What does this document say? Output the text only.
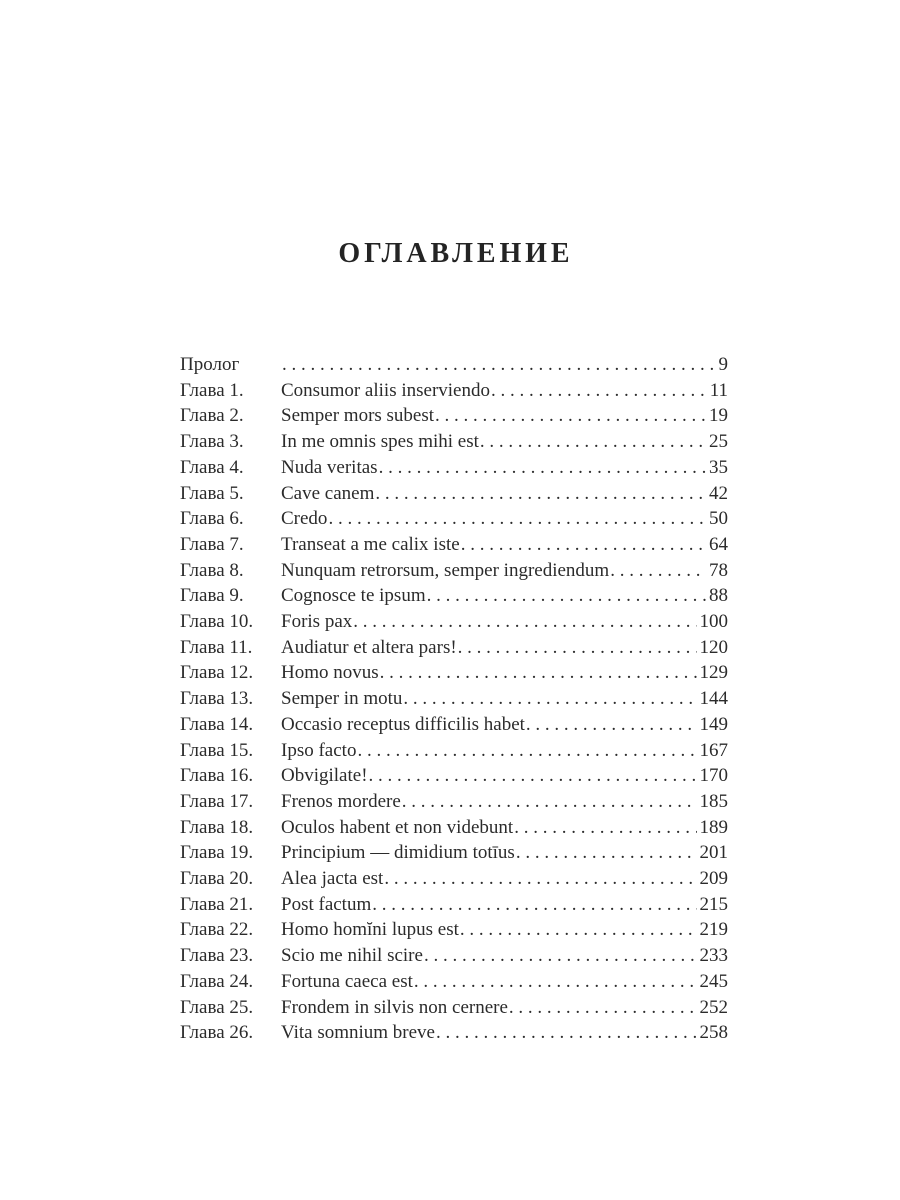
ОГЛАВЛЕНИЕ
Пролог .....	9
Глава 1.	Consumor aliis inserviendo .....	11
Глава 2.	Semper mors subest .....	19
Глава 3.	In me omnis spes mihi est .....	25
Глава 4.	Nuda veritas .....	35
Глава 5.	Cave canem .....	42
Глава 6.	Credo .....	50
Глава 7.	Transeat a me calix iste .....	64
Глава 8.	Nunquam retrorsum, semper ingrediendum .....	78
Глава 9.	Cognosce te ipsum .....	88
Глава 10.	Foris pax .....	100
Глава 11.	Audiatur et altera pars! .....	120
Глава 12.	Homo novus .....	129
Глава 13.	Semper in motu .....	144
Глава 14.	Occasio receptus difficilis habet .....	149
Глава 15.	Ipso facto .....	167
Глава 16.	Obvigilate! .....	170
Глава 17.	Frenos mordere .....	185
Глава 18.	Oculos habent et non videbunt .....	189
Глава 19.	Principium — dimidium totīus .....	201
Глава 20.	Alea jacta est .....	209
Глава 21.	Post factum .....	215
Глава 22.	Homo homĭni lupus est .....	219
Глава 23.	Scio me nihil scire .....	233
Глава 24.	Fortuna caeca est .....	245
Глава 25.	Frondem in silvis non cernere .....	252
Глава 26.	Vita somnium breve .....	258
